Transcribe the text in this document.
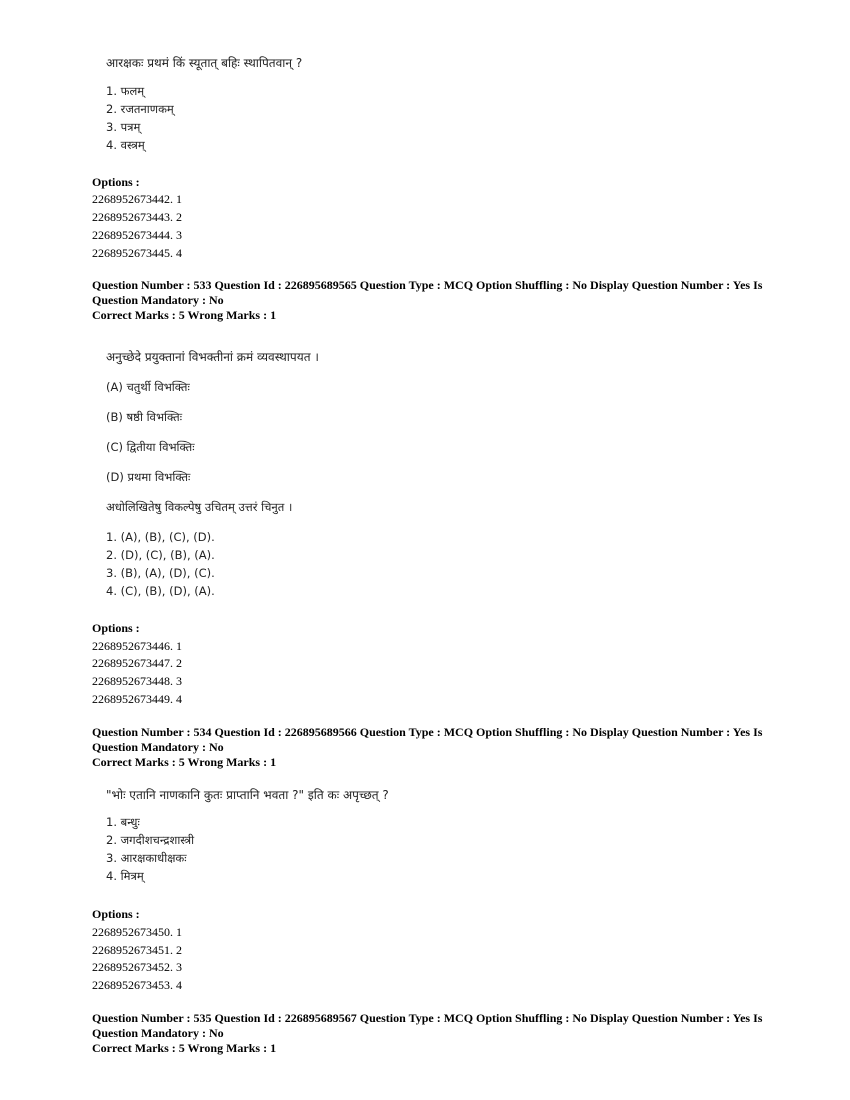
आरक्षकः प्रथमं किं स्यूतात् बहिः स्थापितवान् ?
1. फलम्
2. रजतनाणकम्
3. पत्रम्
4. वस्त्रम्
Options :
2268952673442. 1
2268952673443. 2
2268952673444. 3
2268952673445. 4
Question Number : 533 Question Id : 226895689565 Question Type : MCQ Option Shuffling : No Display Question Number : Yes Is Question Mandatory : No
Correct Marks : 5 Wrong Marks : 1
अनुच्छेदे प्रयुक्तानां विभक्तीनां क्रमं व्यवस्थापयत ।
(A) चतुर्थी विभक्तिः
(B) षष्ठी विभक्तिः
(C) द्वितीया विभक्तिः
(D) प्रथमा विभक्तिः
अधोलिखितेषु विकल्पेषु उचितम् उत्तरं चिनुत ।
1. (A), (B), (C), (D).
2. (D), (C), (B), (A).
3. (B), (A), (D), (C).
4. (C), (B), (D), (A).
Options :
2268952673446. 1
2268952673447. 2
2268952673448. 3
2268952673449. 4
Question Number : 534 Question Id : 226895689566 Question Type : MCQ Option Shuffling : No Display Question Number : Yes Is Question Mandatory : No
Correct Marks : 5 Wrong Marks : 1
"भोः एतानि नाणकानि कुतः प्राप्तानि भवता ?" इति कः अपृच्छत् ?
1. बन्धुः
2. जगदीशचन्द्रशास्त्री
3. आरक्षकाधीक्षकः
4. मित्रम्
Options :
2268952673450. 1
2268952673451. 2
2268952673452. 3
2268952673453. 4
Question Number : 535 Question Id : 226895689567 Question Type : MCQ Option Shuffling : No Display Question Number : Yes Is Question Mandatory : No
Correct Marks : 5 Wrong Marks : 1
